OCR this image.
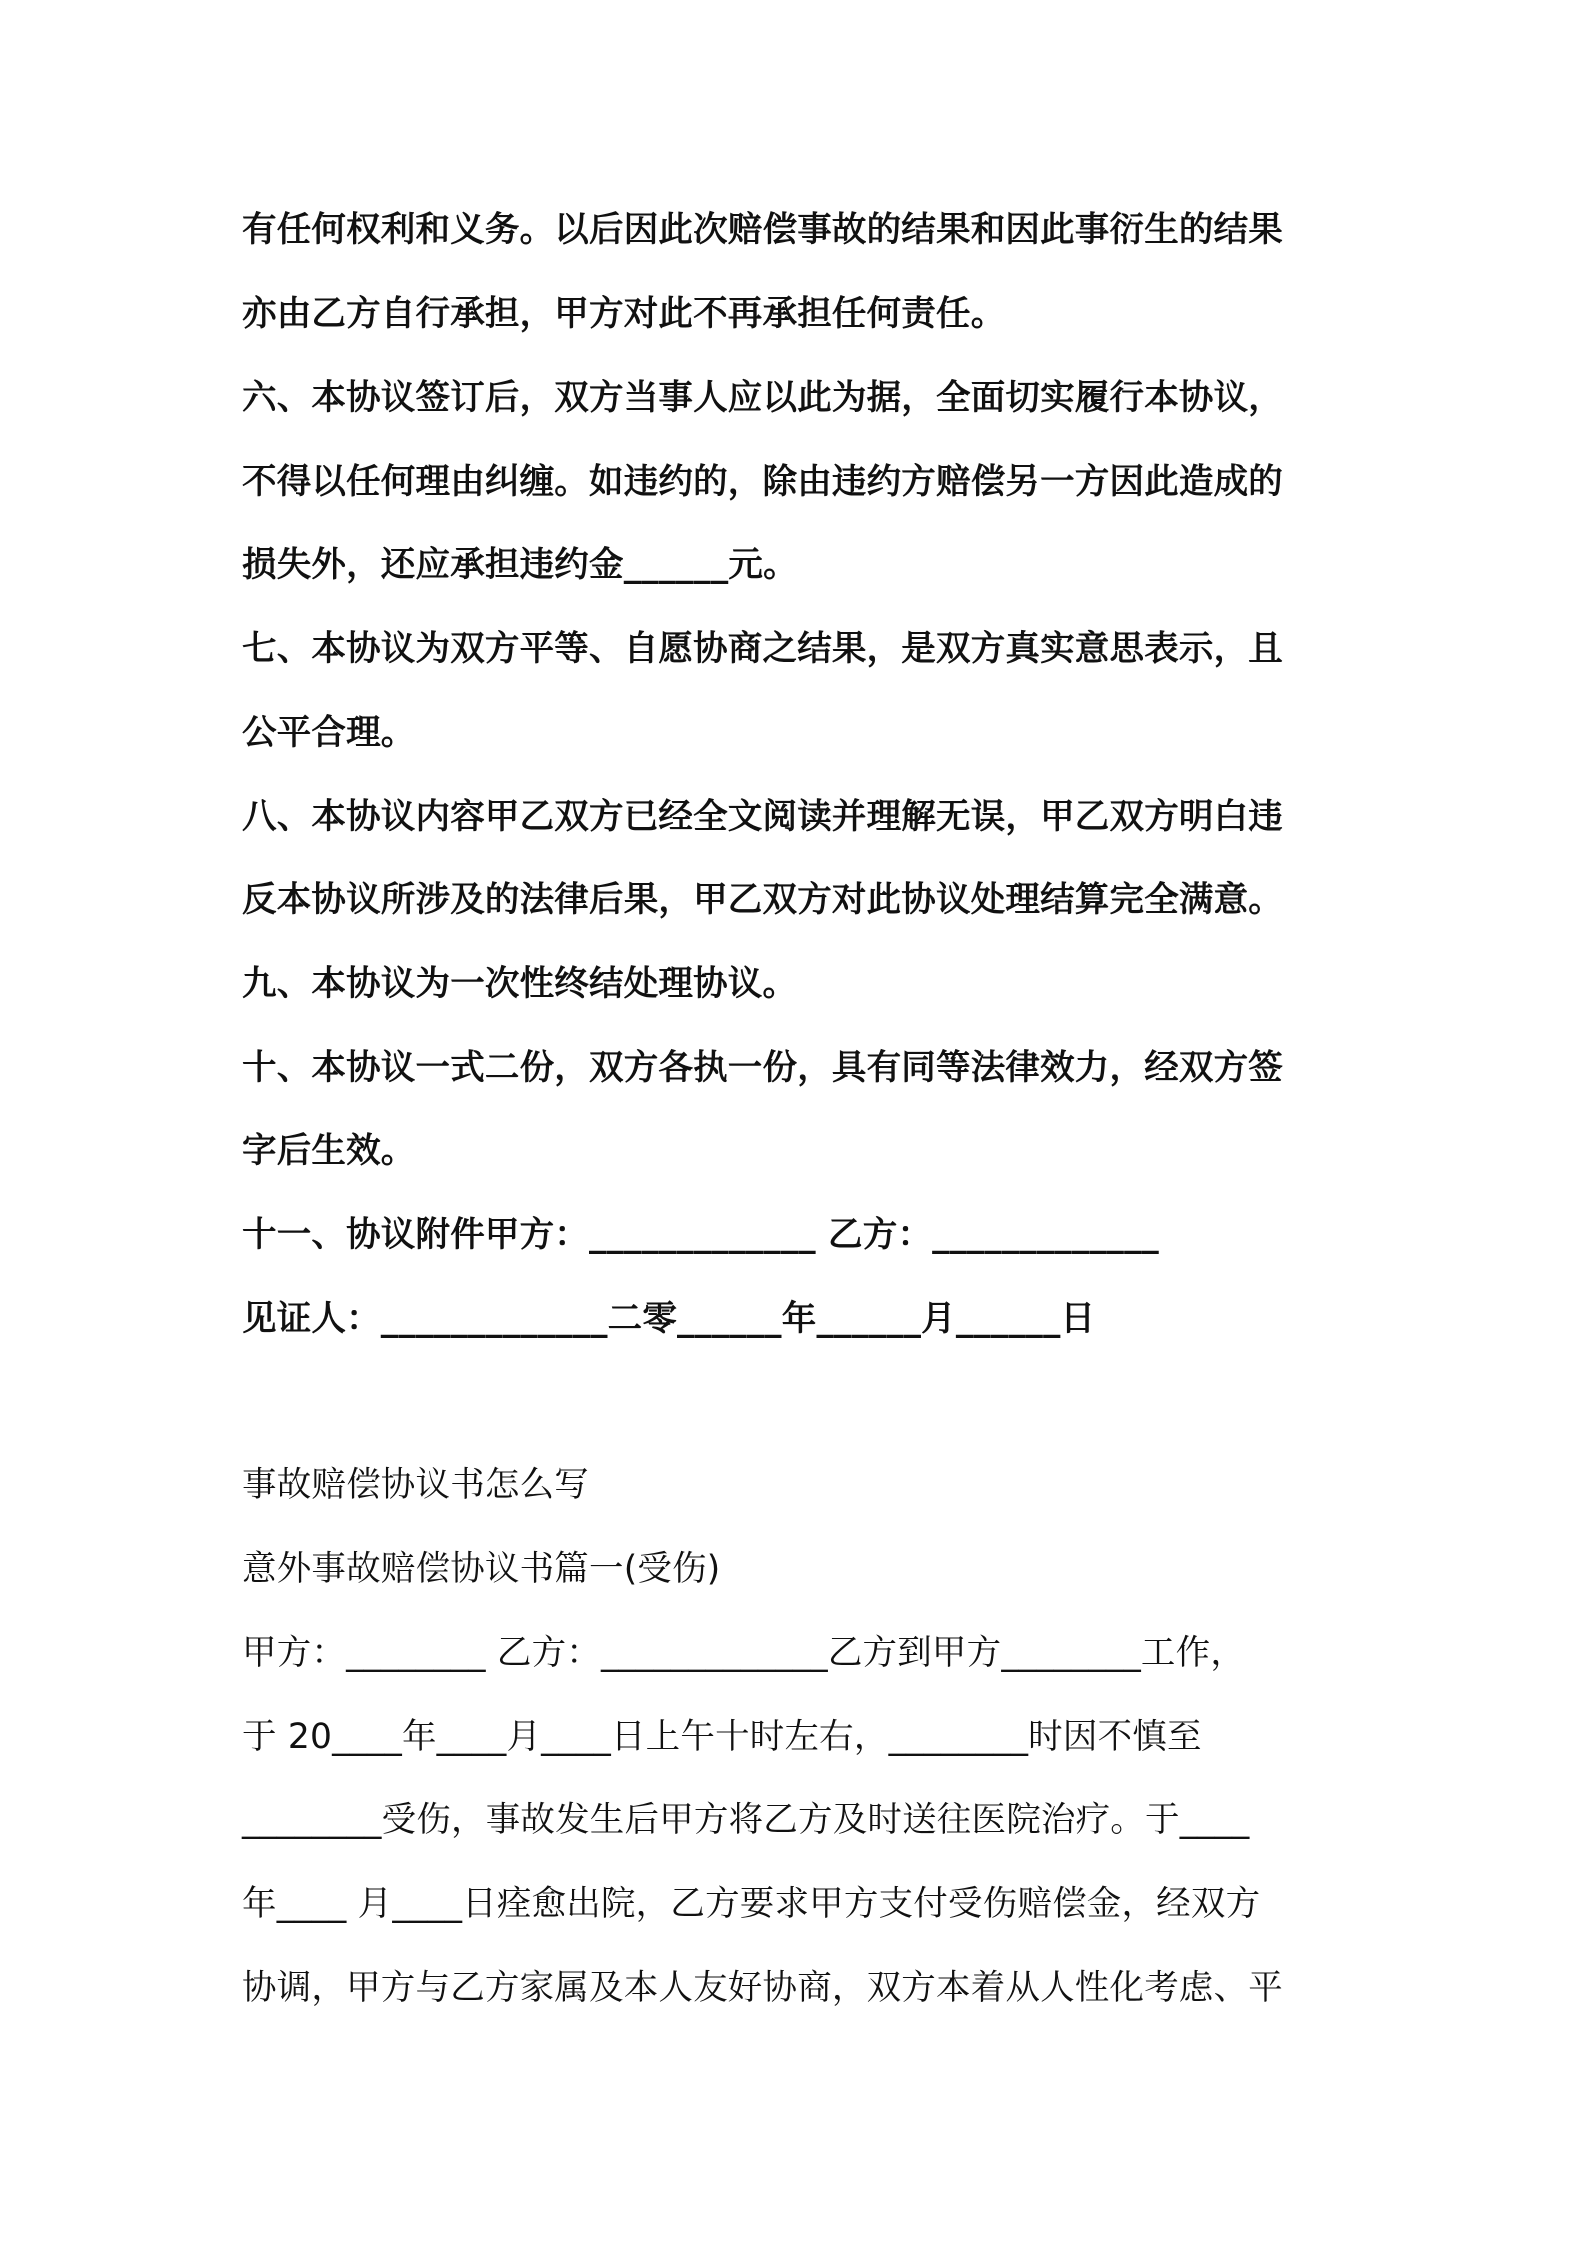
有任何权利和义务。以后因此次赔偿事故的结果和因此事衍生的结果
亦由乙方自行承担，甲方对此不再承担任何责任。
六、本协议签订后，双方当事人应以此为据，全面切实履行本协议，
不得以任何理由纠缠。如违约的，除由违约方赔偿另一方因此造成的
损失外，还应承担违约金______元。
七、本协议为双方平等、自愿协商之结果，是双方真实意思表示，且
公平合理。
八、本协议内容甲乙双方已经全文阅读并理解无误，甲乙双方明白违
反本协议所涉及的法律后果，甲乙双方对此协议处理结算完全满意。
九、本协议为一次性终结处理协议。
十、本协议一式二份，双方各执一份，具有同等法律效力，经双方签
字后生效。
十一、协议附件甲方：_____________ 乙方：_____________
见证人：_____________二零______年______月______日
事故赔偿协议书怎么写
意外事故赔偿协议书篇一(受伤)
甲方：________ 乙方：_____________乙方到甲方________工作，
于 20____年____月____日上午十时左右，________时因不慎至
________受伤，事故发生后甲方将乙方及时送往医院治疗。于____
年____ 月____日痊愈出院，乙方要求甲方支付受伤赔偿金，经双方
协调，甲方与乙方家属及本人友好协商，双方本着从人性化考虑、平
